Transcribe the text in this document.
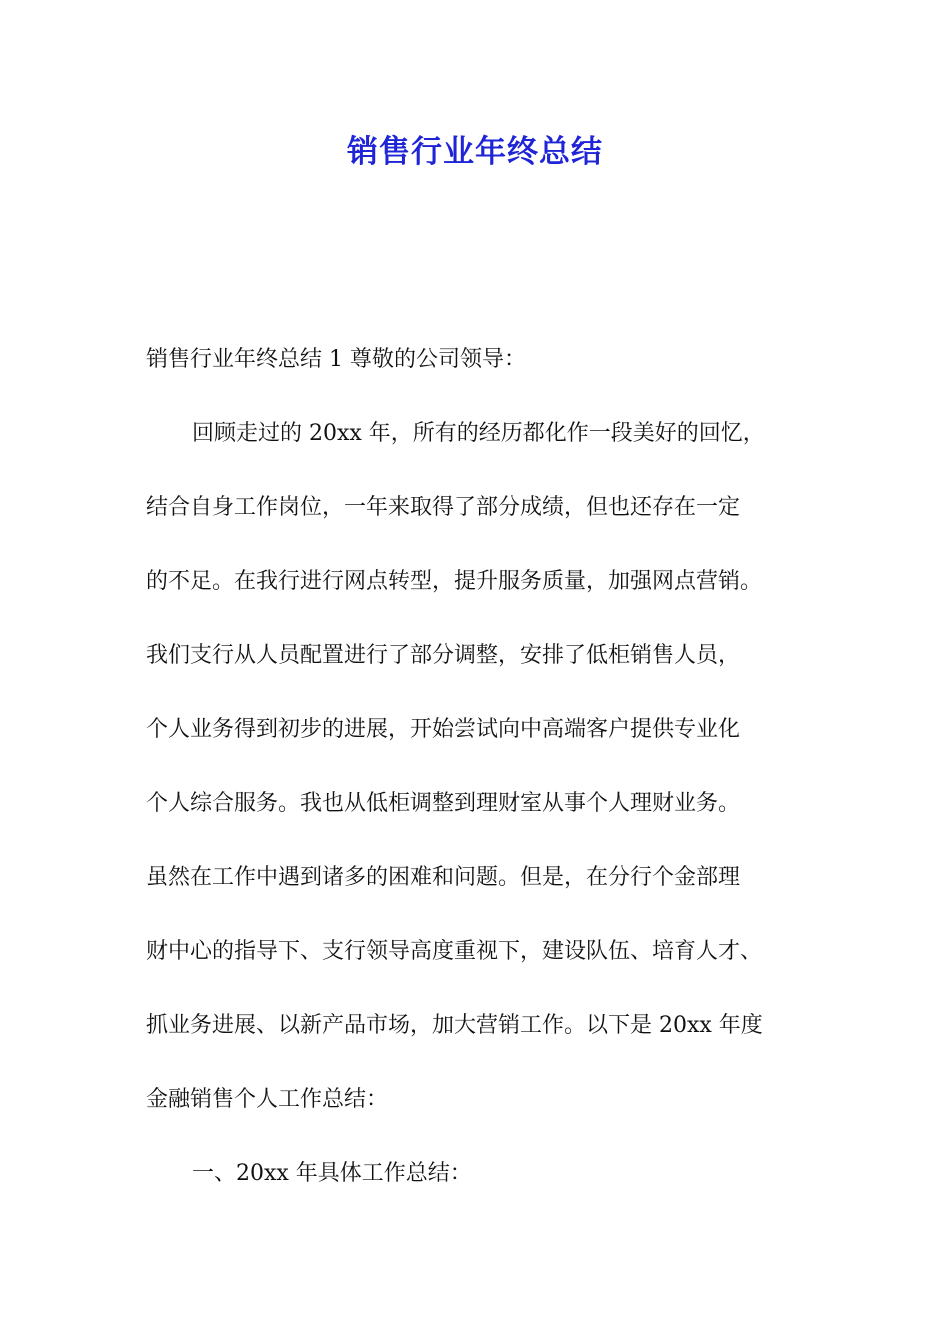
销售行业年终总结

销售行业年终总结 1 尊敬的公司领导：

回顾走过的 20xx 年，所有的经历都化作一段美好的回忆，

结合自身工作岗位，一年来取得了部分成绩，但也还存在一定

的不足。在我行进行网点转型，提升服务质量，加强网点营销。

我们支行从人员配置进行了部分调整，安排了低柜销售人员，

个人业务得到初步的进展，开始尝试向中高端客户提供专业化

个人综合服务。我也从低柜调整到理财室从事个人理财业务。

虽然在工作中遇到诸多的困难和问题。但是，在分行个金部理

财中心的指导下、支行领导高度重视下，建设队伍、培育人才、

抓业务进展、以新产品市场，加大营销工作。以下是 20xx 年度

金融销售个人工作总结：

一、20xx 年具体工作总结：
